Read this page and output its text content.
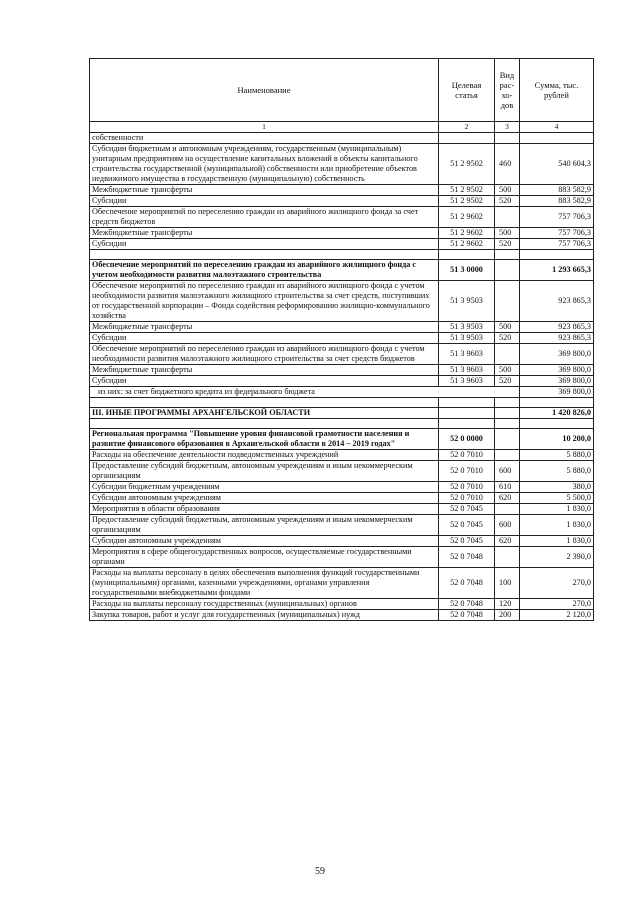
Наименование	Целевая статья	Вид рас- хо- дов	Сумма, тыс. рублей
1	2	3	4
собственности			
Субсидии бюджетным и автономным учреждениям, государственным (муниципальным) унитарным предприятиям на осуществление капитальных вложений в объекты капитального строительства государственной (муниципальной) собственности или приобретение объектов недвижимого имущества в государственную (муниципальную) собственность	51 2 9502	460	540 604,3
Межбюджетные трансферты	51 2 9502	500	883 582,9
Субсидии	51 2 9502	520	883 582,9
Обеспечение мероприятий по переселению граждан из аварийного жилищного фонда за счет средств бюджетов	51 2 9602		757 706,3
Межбюджетные трансферты	51 2 9602	500	757 706,3
Субсидии	51 2 9602	520	757 706,3

Обеспечение мероприятий по переселению граждан из аварийного жилищного фонда с учетом необходимости развития малоэтажного строительства	51 3 0000		1 293 665,3
Обеспечение мероприятий по переселению граждан из аварийного жилищного фонда с учетом необходимости развития малоэтажного жилищного строительства за счет средств, поступивших от государственной корпорации – Фонда содействия реформированию жилищно-коммунального хозяйства	51 3 9503		923 865,3
Межбюджетные трансферты	51 3 9503	500	923 865,3
Субсидии	51 3 9503	520	923 865,3
Обеспечение мероприятий по переселению граждан из аварийного жилищного фонда с учетом необходимости развития малоэтажного жилищного строительства за счет средств бюджетов	51 3 9603		369 800,0
Межбюджетные трансферты	51 3 9603	500	369 800,0
Субсидии	51 3 9603	520	369 800,0
из них: за счет бюджетного кредита из федерального бюджета			369 800,0

III. ИНЫЕ ПРОГРАММЫ АРХАНГЕЛЬСКОЙ ОБЛАСТИ			1 420 826,0

Региональная программа "Повышение уровня финансовой грамотности населения и развитие финансового образования в Архангельской области в 2014 – 2019 годах"	52 0 0000		10 200,0
Расходы на обеспечение деятельности подведомственных учреждений	52 0 7010		5 880,0
Предоставление субсидий бюджетным, автономным учреждениям и иным некоммерческим организациям	52 0 7010	600	5 880,0
Субсидии бюджетным учреждениям	52 0 7010	610	380,0
Субсидии автономным учреждениям	52 0 7010	620	5 500,0
Мероприятия в области образования	52 0 7045		1 830,0
Предоставление субсидий бюджетным, автономным учреждениям и иным некоммерческим организациям	52 0 7045	600	1 830,0
Субсидии автономным учреждениям	52 0 7045	620	1 830,0
Мероприятия в сфере общегосударственных вопросов, осуществляемые государственными органами	52 0 7048		2 390,0
Расходы на выплаты персоналу в целях обеспечения выполнения функций государственными (муниципальными) органами, казенными учреждениями, органами управления государственными внебюджетными фондами	52 0 7048	100	270,0
Расходы на выплаты персоналу государственных (муниципальных) органов	52 0 7048	120	270,0
Закупка товаров, работ и услуг для государственных (муниципальных) нужд	52 0 7048	200	2 120,0
59
